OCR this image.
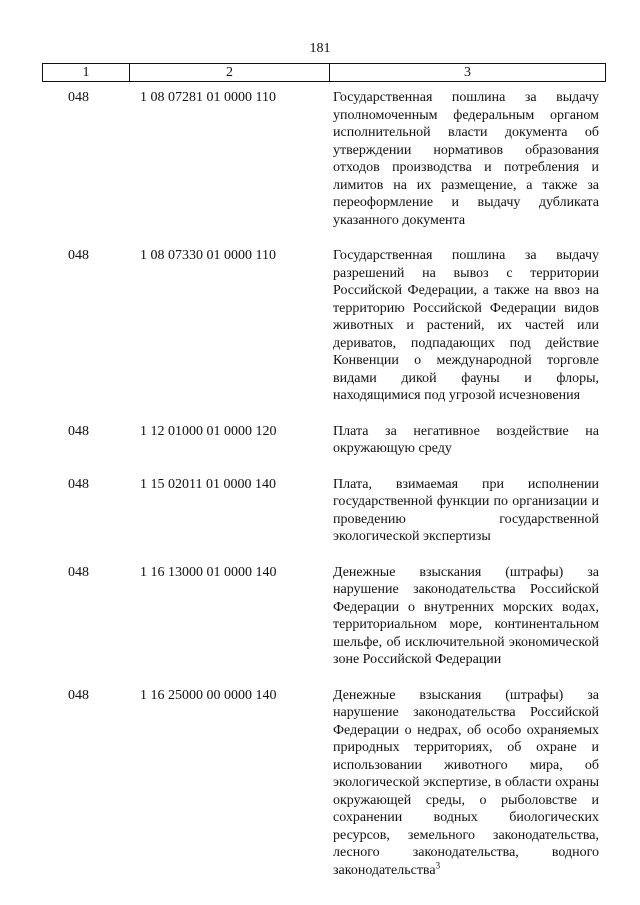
181
1	2	3
048	1 08 07281 01 0000 110	Государственная пошлина за выдачу уполномоченным федеральным органом исполнительной власти документа об утверждении нормативов образования отходов производства и потребления и лимитов на их размещение, а также за переоформление и выдачу дубликата указанного документа
048	1 08 07330 01 0000 110	Государственная пошлина за выдачу разрешений на вывоз с территории Российской Федерации, а также на ввоз на территорию Российской Федерации видов животных и растений, их частей или дериватов, подпадающих под действие Конвенции о международной торговле видами дикой фауны и флоры, находящимися под угрозой исчезновения
048	1 12 01000 01 0000 120	Плата за негативное воздействие на окружающую среду
048	1 15 02011 01 0000 140	Плата, взимаемая при исполнении государственной функции по организации и проведению государственной экологической экспертизы
048	1 16 13000 01 0000 140	Денежные взыскания (штрафы) за нарушение законодательства Российской Федерации о внутренних морских водах, территориальном море, континентальном шельфе, об исключительной экономической зоне Российской Федерации
048	1 16 25000 00 0000 140	Денежные взыскания (штрафы) за нарушение законодательства Российской Федерации о недрах, об особо охраняемых природных территориях, об охране и использовании животного мира, об экологической экспертизе, в области охраны окружающей среды, о рыболовстве и сохранении водных биологических ресурсов, земельного законодательства, лесного законодательства, водного законодательства$^3$
